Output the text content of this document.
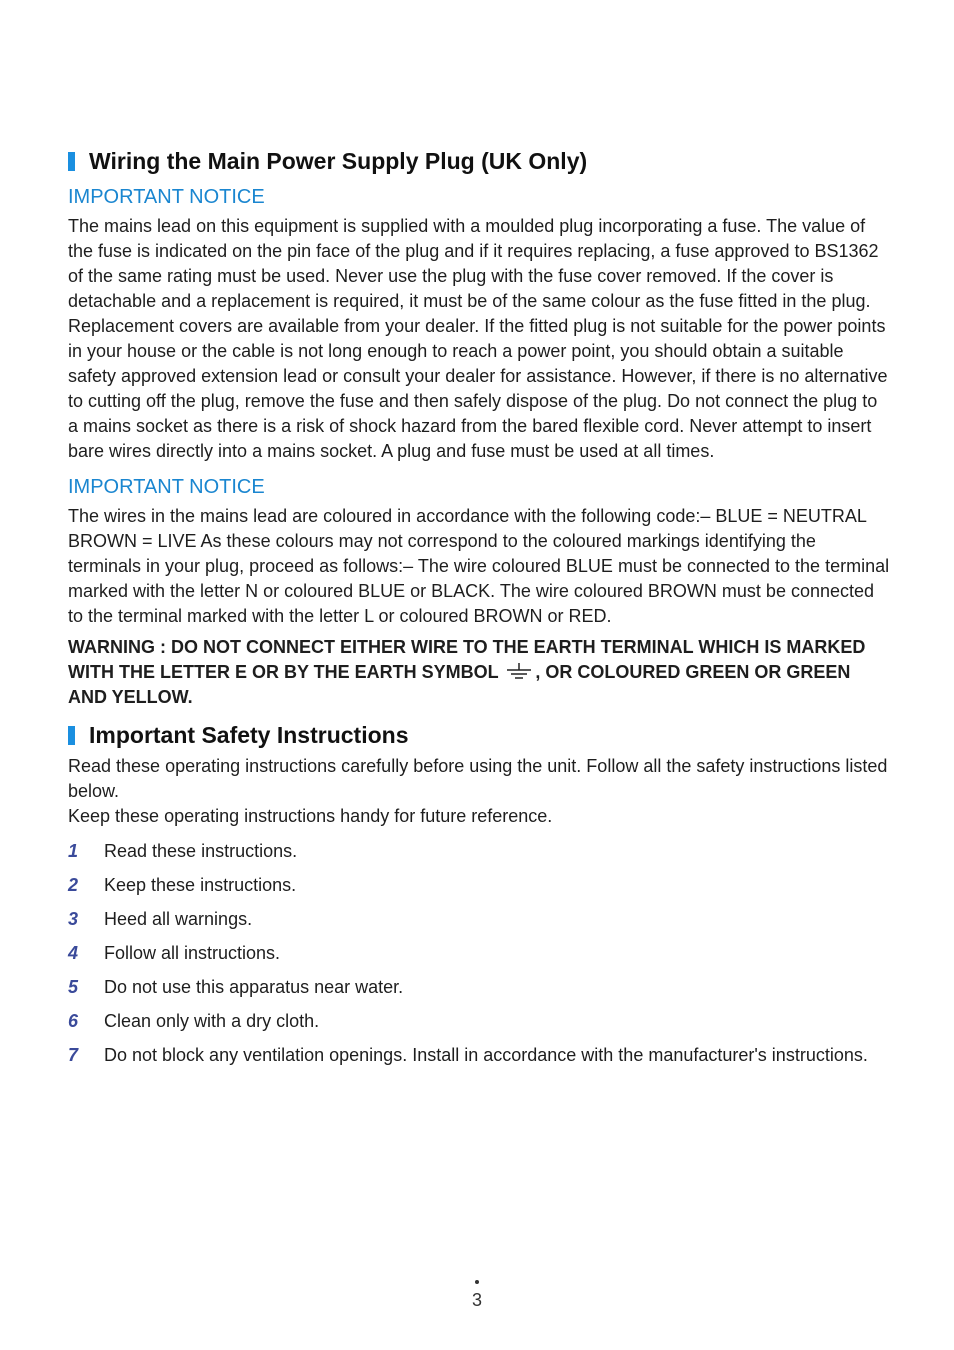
Wiring the Main Power Supply Plug (UK Only)
IMPORTANT NOTICE

The mains lead on this equipment is supplied with a moulded plug incorporating a fuse. The value of the fuse is indicated on the pin face of the plug and if it requires replacing, a fuse approved to BS1362 of the same rating must be used. Never use the plug with the fuse cover removed. If the cover is detachable and a replacement is required, it must be of the same colour as the fuse fitted in the plug. Replacement covers are available from your dealer. If the fitted plug is not suitable for the power points in your house or the cable is not long enough to reach a power point, you should obtain a suitable safety approved extension lead or consult your dealer for assistance. However, if there is no alternative to cutting off the plug, remove the fuse and then safely dispose of the plug. Do not connect the plug to a mains socket as there is a risk of shock hazard from the bared flexible cord. Never attempt to insert bare wires directly into a mains socket. A plug and fuse must be used at all times.

IMPORTANT NOTICE

The wires in the mains lead are coloured in accordance with the following code:– BLUE = NEUTRAL BROWN = LIVE As these colours may not correspond to the coloured markings identifying the terminals in your plug, proceed as follows:– The wire coloured BLUE must be connected to the terminal marked with the letter N or coloured BLUE or BLACK. The wire coloured BROWN must be connected to the terminal marked with the letter L or coloured BROWN or RED.

WARNING : DO NOT CONNECT EITHER WIRE TO THE EARTH TERMINAL WHICH IS MARKED WITH THE LETTER E OR BY THE EARTH SYMBOL , OR COLOURED GREEN OR GREEN AND YELLOW.

Important Safety Instructions

Read these operating instructions carefully before using the unit. Follow all the safety instructions listed below.

Keep these operating instructions handy for future reference.

1	Read these instructions.
2	Keep these instructions.
3	Heed all warnings.
4	Follow all instructions.
5	Do not use this apparatus near water.
6	Clean only with a dry cloth.
7	Do not block any ventilation openings. Install in accordance with the manufacturer's instructions.
3
